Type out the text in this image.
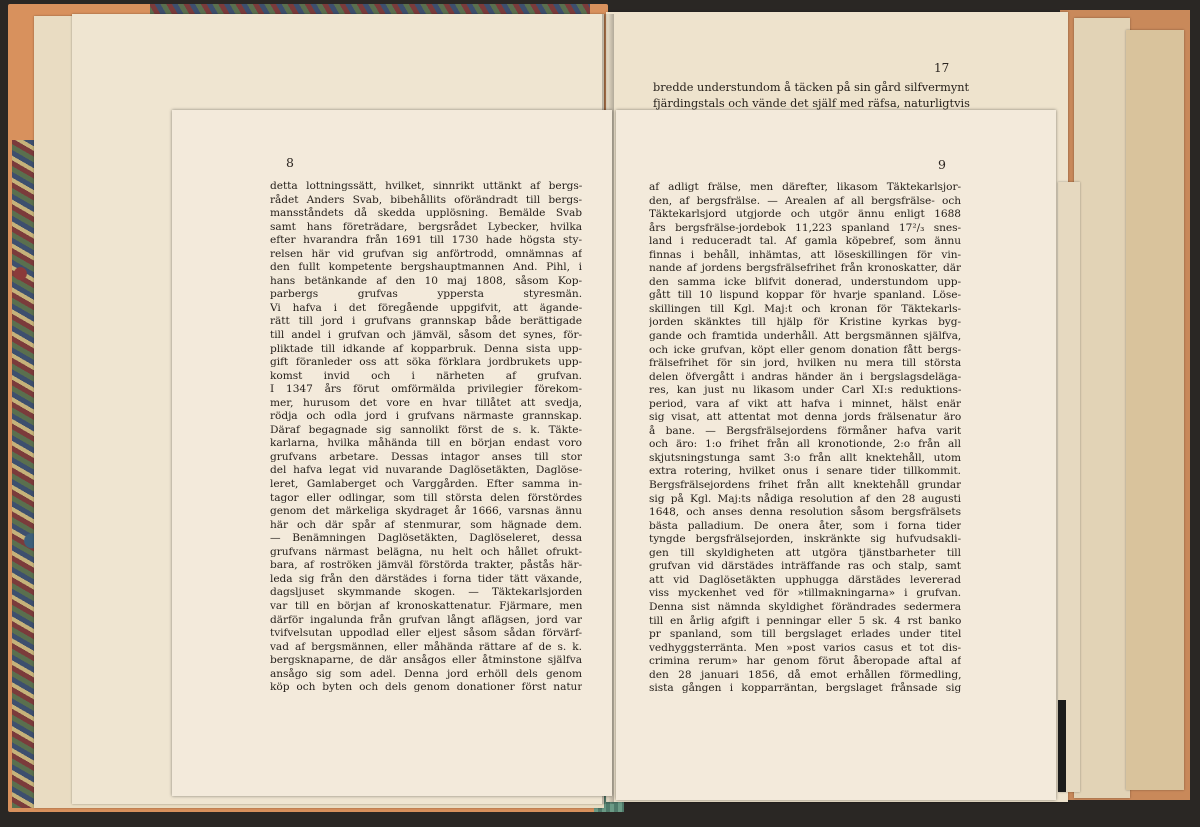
17
bredde understundom å täcken på sin gård silfvermynt
fjärdingstals och vände det själf med räfsa, naturligtvis
8
detta lottningssätt, hvilket, sinnrikt uttänkt af bergs-
rådet Anders Svab, bibehållits oförändradt till bergs-
mansståndets då skedda upplösning. Bemälde Svab
samt hans företrädare, bergsrådet Lybecker, hvilka
efter hvarandra från 1691 till 1730 hade högsta sty-
relsen här vid grufvan sig anförtrodd, omnämnas af
den fullt kompetente bergshauptmannen And. Pihl, i
hans betänkande af den 10 maj 1808, såsom Kop-
parbergs grufvas yppersta styresmän.
Vi hafva i det föregående uppgifvit, att ägande-
rätt till jord i grufvans grannskap både berättigade
till andel i grufvan och jämväl, såsom det synes, för-
pliktade till idkande af kopparbruk. Denna sista upp-
gift föranleder oss att söka förklara jordbrukets upp-
komst invid och i närheten af grufvan.
I 1347 års förut omförmälda privilegier förekom-
mer, hurusom det vore en hvar tillåtet att svedja,
rödja och odla jord i grufvans närmaste grannskap.
Däraf begagnade sig sannolikt först de s. k. Täkte-
karlarna, hvilka måhända till en början endast voro
grufvans arbetare. Dessas intagor anses till stor
del hafva legat vid nuvarande Daglösetäkten, Daglöse-
leret, Gamlaberget och Varggården. Efter samma in-
tagor eller odlingar, som till största delen förstördes
genom det märkeliga skydraget år 1666, varsnas ännu
här och där spår af stenmurar, som hägnade dem.
— Benämningen Daglösetäkten, Daglöseleret, dessa
grufvans närmast belägna, nu helt och hållet ofrukt-
bara, af roströken jämväl förstörda trakter, påstås här-
leda sig från den därstädes i forna tider tätt växande,
dagsljuset skymmande skogen. — Täktekarlsjorden
var till en början af kronoskattenatur. Fjärmare, men
därför ingalunda från grufvan långt aflägsen, jord var
tvifvelsutan uppodlad eller eljest såsom sådan förvärf-
vad af bergsmännen, eller måhända rättare af de s. k.
bergsknaparne, de där ansågos eller åtminstone själfva
ansågo sig som adel. Denna jord erhöll dels genom
köp och byten och dels genom donationer först natur
9
af adligt frälse, men därefter, likasom Täktekarlsjor-
den, af bergsfrälse. — Arealen af all bergsfrälse- och
Täktekarlsjord utgjorde och utgör ännu enligt 1688
års bergsfrälse-jordebok 11,223 spanland 17²/₃ snes-
land i reduceradt tal. Af gamla köpebref, som ännu
finnas i behåll, inhämtas, att löseskillingen för vin-
nande af jordens bergsfrälsefrihet från kronoskatter, där
den samma icke blifvit donerad, understundom upp-
gått till 10 lispund koppar för hvarje spanland. Löse-
skillingen till Kgl. Maj:t och kronan för Täktekarls-
jorden skänktes till hjälp för Kristine kyrkas byg-
gande och framtida underhåll. Att bergsmännen själfva,
och icke grufvan, köpt eller genom donation fått bergs-
frälsefrihet för sin jord, hvilken nu mera till största
delen öfvergått i andras händer än i bergslagsdeläga-
res, kan just nu likasom under Carl XI:s reduktions-
period, vara af vikt att hafva i minnet, hälst enär
sig visat, att attentat mot denna jords frälsenatur äro
å bane. — Bergsfrälsejordens förmåner hafva varit
och äro: 1:o frihet från all kronotionde, 2:o från all
skjutsningstunga samt 3:o från allt knektehåll, utom
extra rotering, hvilket onus i senare tider tillkommit.
Bergsfrälsejordens frihet från allt knektehåll grundar
sig på Kgl. Maj:ts nådiga resolution af den 28 augusti
1648, och anses denna resolution såsom bergsfrälsets
bästa palladium. De onera åter, som i forna tider
tyngde bergsfrälsejorden, inskränkte sig hufvudsakli-
gen till skyldigheten att utgöra tjänstbarheter till
grufvan vid därstädes inträffande ras och stalp, samt
att vid Daglösetäkten upphugga därstädes levererad
viss myckenhet ved för »tillmakningarna» i grufvan.
Denna sist nämnda skyldighet förändrades sedermera
till en årlig afgift i penningar eller 5 sk. 4 rst banko
pr spanland, som till bergslaget erlades under titel
vedhyggsterränta. Men »post varios casus et tot dis-
crimina rerum» har genom förut åberopade aftal af
den 28 januari 1856, då emot erhållen förmedling,
sista gången i kopparräntan, bergslaget frånsade sig
